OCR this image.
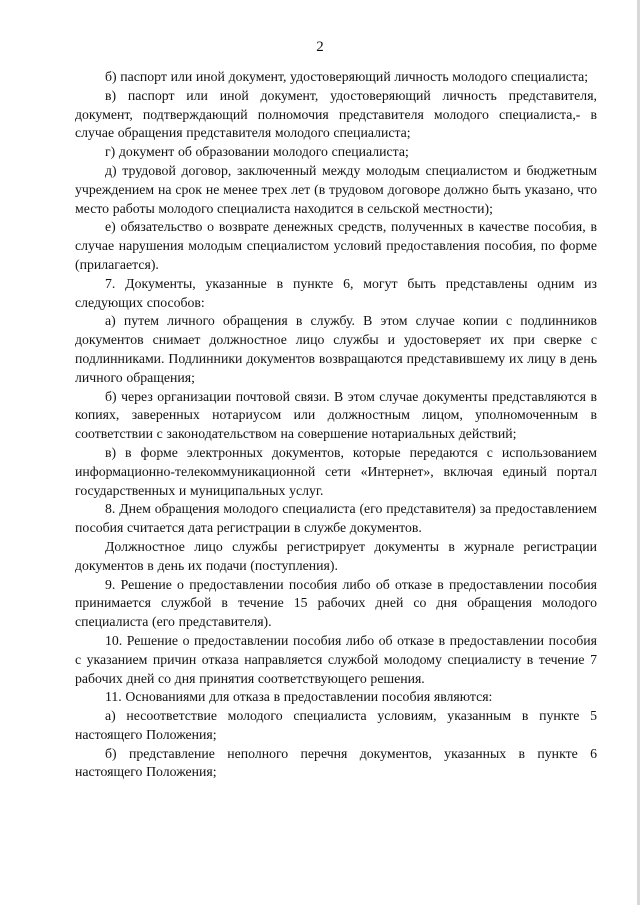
2

б) паспорт или иной документ, удостоверяющий личность молодого специалиста;

в) паспорт или иной документ, удостоверяющий личность представителя, документ, подтверждающий полномочия представителя молодого специалиста,- в случае обращения представителя молодого специалиста;

г) документ об образовании молодого специалиста;

д) трудовой договор, заключенный между молодым специалистом и бюджетным учреждением на срок не менее трех лет (в трудовом договоре должно быть указано, что место работы молодого специалиста находится в сельской местности);

е) обязательство о возврате денежных средств, полученных в качестве пособия, в случае нарушения молодым специалистом условий предоставления пособия, по форме (прилагается).

7. Документы, указанные в пункте 6, могут быть представлены одним из следующих способов:

а) путем личного обращения в службу. В этом случае копии с подлинников документов снимает должностное лицо службы и удостоверяет их при сверке с подлинниками. Подлинники документов возвращаются представившему их лицу в день личного обращения;

б) через организации почтовой связи. В этом случае документы представляются в копиях, заверенных нотариусом или должностным лицом, уполномоченным в соответствии с законодательством на совершение нотариальных действий;

в) в форме электронных документов, которые передаются с использованием информационно-телекоммуникационной сети «Интернет», включая единый портал государственных и муниципальных услуг.

8. Днем обращения молодого специалиста (его представителя) за предоставлением пособия считается дата регистрации в службе документов.

Должностное лицо службы регистрирует документы в журнале регистрации документов в день их подачи (поступления).

9. Решение о предоставлении пособия либо об отказе в предоставлении пособия принимается службой в течение 15 рабочих дней со дня обращения молодого специалиста (его представителя).

10. Решение о предоставлении пособия либо об отказе в предоставлении пособия с указанием причин отказа направляется службой молодому специалисту в течение 7 рабочих дней со дня принятия соответствующего решения.

11. Основаниями для отказа в предоставлении пособия являются:

а) несоответствие молодого специалиста условиям, указанным в пункте 5 настоящего Положения;

б) представление неполного перечня документов, указанных в пункте 6 настоящего Положения;
